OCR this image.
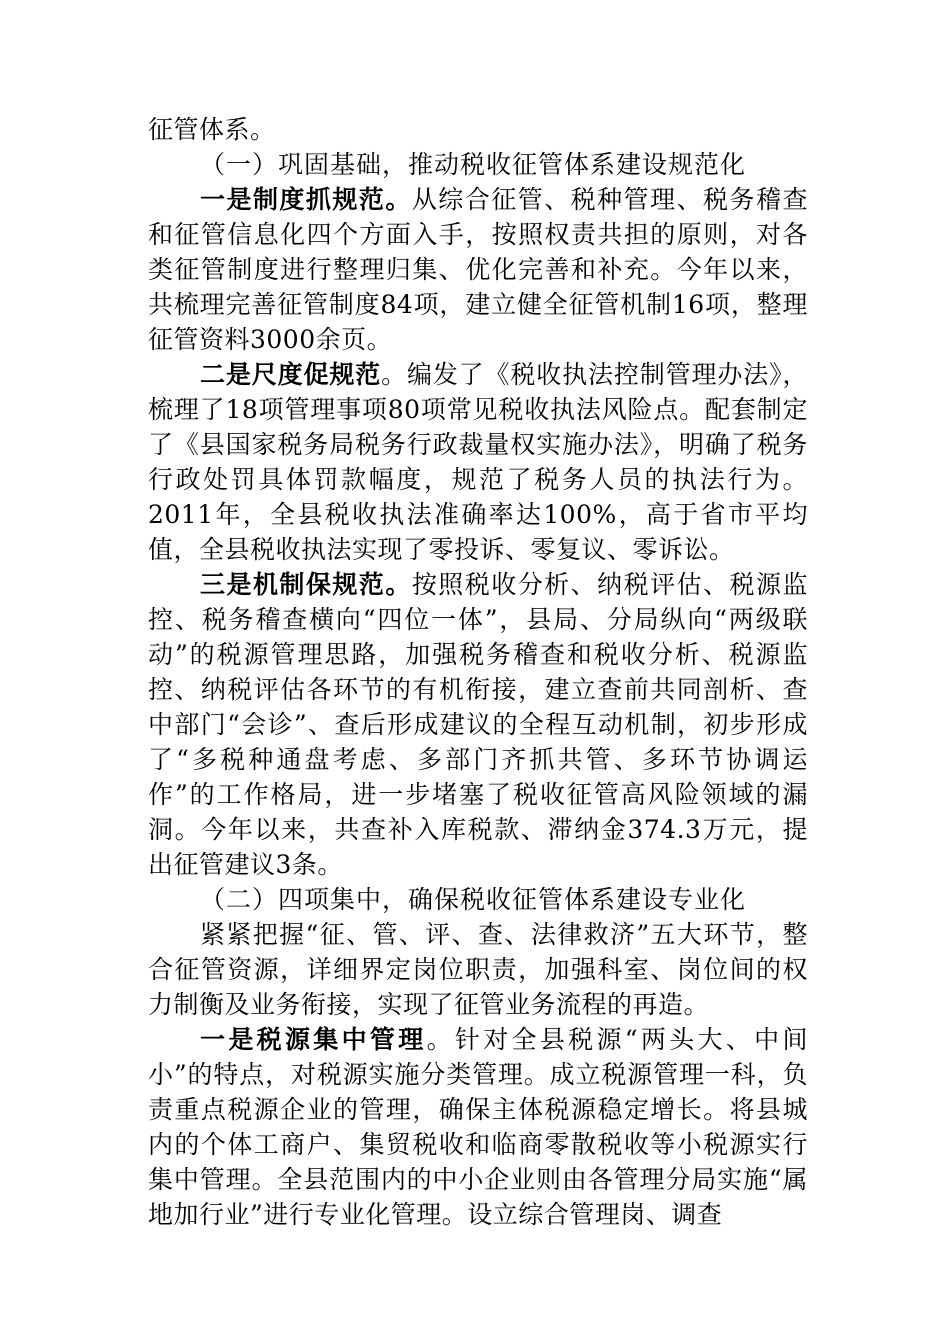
征管体系。

（一）巩固基础，推动税收征管体系建设规范化

一是制度抓规范。从综合征管、税种管理、税务稽查和征管信息化四个方面入手，按照权责共担的原则，对各类征管制度进行整理归集、优化完善和补充。今年以来，共梳理完善征管制度84项，建立健全征管机制16项，整理征管资料3000余页。

二是尺度促规范。编发了《税收执法控制管理办法》，梳理了18项管理事项80项常见税收执法风险点。配套制定了《县国家税务局税务行政裁量权实施办法》，明确了税务行政处罚具体罚款幅度，规范了税务人员的执法行为。2011年，全县税收执法准确率达100%，高于省市平均值，全县税收执法实现了零投诉、零复议、零诉讼。

三是机制保规范。按照税收分析、纳税评估、税源监控、税务稽查横向“四位一体”，县局、分局纵向“两级联动”的税源管理思路，加强税务稽查和税收分析、税源监控、纳税评估各环节的有机衔接，建立查前共同剖析、查中部门“会诊”、查后形成建议的全程互动机制，初步形成了“多税种通盘考虑、多部门齐抓共管、多环节协调运作”的工作格局，进一步堵塞了税收征管高风险领域的漏洞。今年以来，共查补入库税款、滞纳金374.3万元，提出征管建议3条。

（二）四项集中，确保税收征管体系建设专业化

紧紧把握“征、管、评、查、法律救济”五大环节，整合征管资源，详细界定岗位职责，加强科室、岗位间的权力制衡及业务衔接，实现了征管业务流程的再造。

一是税源集中管理。针对全县税源“两头大、中间小”的特点，对税源实施分类管理。成立税源管理一科，负责重点税源企业的管理，确保主体税源稳定增长。将县城内的个体工商户、集贸税收和临商零散税收等小税源实行集中管理。全县范围内的中小企业则由各管理分局实施“属地加行业”进行专业化管理。设立综合管理岗、调查
